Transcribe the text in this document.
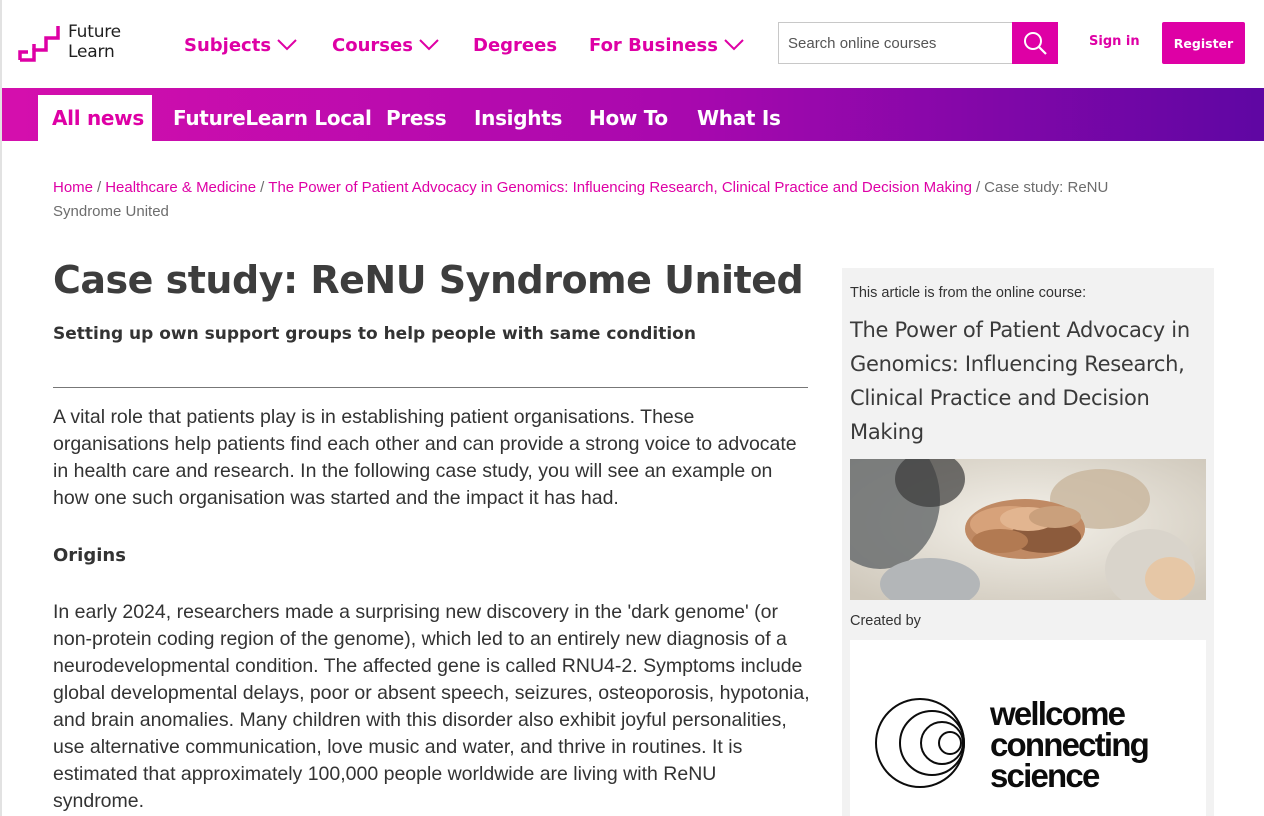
Future
Learn	Subjects	Courses	Degrees For Business
Search online courses	Sign in	Register
All news	FutureLearn Local Press Insights How To What Is
Home / Healthcare & Medicine / The Power of Patient Advocacy in Genomics: Influencing Research, Clinical Practice and Decision Making / Case study: ReNU Syndrome United
Case study: ReNU Syndrome United
Setting up own support groups to help people with same condition

A vital role that patients play is in establishing patient organisations. These organisations help patients find each other and can provide a strong voice to advocate in health care and research. In the following case study, you will see an example on how one such organisation was started and the impact it has had.

Origins

In early 2024, researchers made a surprising new discovery in the 'dark genome' (or non-protein coding region of the genome), which led to an entirely new diagnosis of a neurodevelopmental condition. The affected gene is called RNU4-2. Symptoms include global developmental delays, poor or absent speech, seizures, osteoporosis, hypotonia, and brain anomalies. Many children with this disorder also exhibit joyful personalities, use alternative communication, love music and water, and thrive in routines. It is estimated that approximately 100,000 people worldwide are living with ReNU syndrome.

This article is from the online course:
The Power of Patient Advocacy in Genomics: Influencing Research, Clinical Practice and Decision Making
Created by
wellcome
connecting
science
